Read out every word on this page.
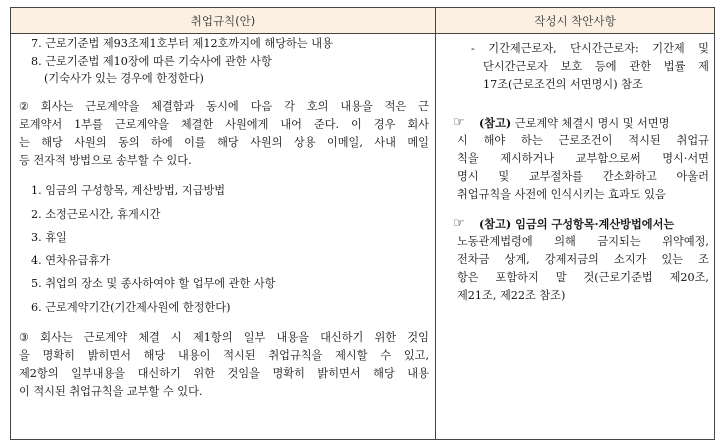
취업규칙(안)	작성시 착안사항
7. 근로기준법 제93조제1호부터 제12호까지에 해당하는 내용
8. 근로기준법 제10장에 따른 기숙사에 관한 사항
(기숙사가 있는 경우에 한정한다)
② 회사는 근로계약을 체결함과 동시에 다음 각 호의 내용을 적은 근
로계약서 1부를 근로계약을 체결한 사원에게 내어 준다. 이 경우 회사
는 해당 사원의 동의 하에 이를 해당 사원의 상용 이메일, 사내 메일
등 전자적 방법으로 송부할 수 있다.
1. 임금의 구성항목, 계산방법, 지급방법
2. 소정근로시간, 휴게시간
3. 휴일
4. 연차유급휴가
5. 취업의 장소 및 종사하여야 할 업무에 관한 사항
6. 근로계약기간(기간제사원에 한정한다)
③ 회사는 근로계약 체결 시 제1항의 일부 내용을 대신하기 위한 것임
을 명확히 밝히면서 해당 내용이 적시된 취업규칙을 제시할 수 있고,
제2항의 일부내용을 대신하기 위한 것임을 명확히 밝히면서 해당 내용
이 적시된 취업규칙을 교부할 수 있다.
- 기간제근로자, 단시간근로자: 기간제 및
단시간근로자 보호 등에 관한 법률 제
17조(근로조건의 서면명시) 참조
☞ (참고) 근로계약 체결시 명시 및 서면명
시 해야 하는 근로조건이 적시된 취업규
칙을 제시하거나 교부함으로써 명시·서면
명시 및 교부절차를 간소화하고 아울러
취업규칙을 사전에 인식시키는 효과도 있음
☞ (참고) 임금의 구성항목·계산방법에서는
노동관계법령에 의해 금지되는 위약예정,
전차금 상계, 강제저금의 소지가 있는 조
항은 포함하지 말 것(근로기준법 제20조,
제21조, 제22조 참조)
